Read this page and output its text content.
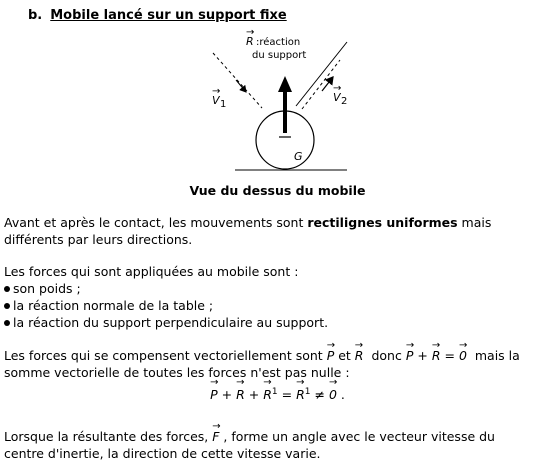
b. Mobile lancé sur un support fixe
R
→
:réaction
du support
V
→
1
V
→
2
G
Vue du dessus du mobile
Avant et après le contact, les mouvements sont rectilignes uniformes mais
différents par leurs directions.
Les forces qui sont appliquées au mobile sont :
son poids ;
la réaction normale de la table ;
la réaction du support perpendiculaire au support.
Les forces qui se compensent vectoriellement sont → P et → R donc → P + → R = → 0 mais la
somme vectorielle de toutes les forces n'est pas nulle :
→ P + → R + → $R^1$ = → $R^1$ ≠ → 0 .
Lorsque la résultante des forces, → F , forme un angle avec le vecteur vitesse du
centre d'inertie, la direction de cette vitesse varie.
